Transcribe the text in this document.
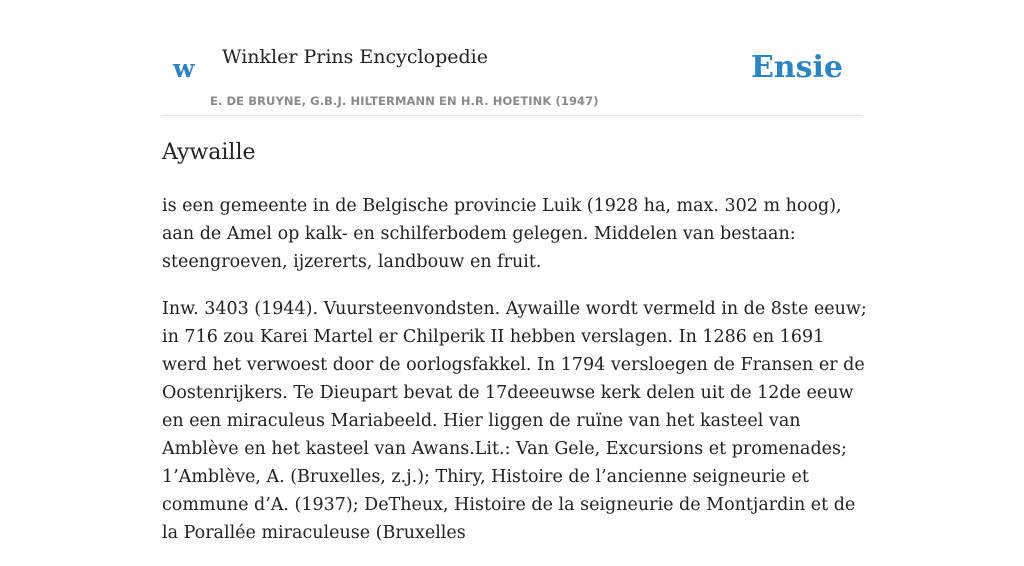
w Winkler Prins Encyclopedie
E. DE BRUYNE, G.B.J. HILTERMANN EN H.R. HOETINK (1947)
Ensie
Aywaille

is een gemeente in de Belgische provincie Luik (1928 ha, max. 302 m hoog), aan de Amel op kalk- en schilferbodem gelegen. Middelen van bestaan: steengroeven, ijzererts, landbouw en fruit.

Inw. 3403 (1944). Vuursteenvondsten. Aywaille wordt vermeld in de 8ste eeuw; in 716 zou Karei Martel er Chilperik II hebben verslagen. In 1286 en 1691 werd het verwoest door de oorlogsfakkel. In 1794 versloegen de Fransen er de Oostenrijkers. Te Dieupart bevat de 17deeeuwse kerk delen uit de 12de eeuw en een miraculeus Mariabeeld. Hier liggen de ruïne van het kasteel van Amblève en het kasteel van Awans.Lit.: Van Gele, Excursions et promenades; 1’Amblève, A. (Bruxelles, z.j.); Thiry, Histoire de l’ancienne seigneurie et commune d’A. (1937); DeTheux, Histoire de la seigneurie de Montjardin et de la Porallée miraculeuse (Bruxelles
